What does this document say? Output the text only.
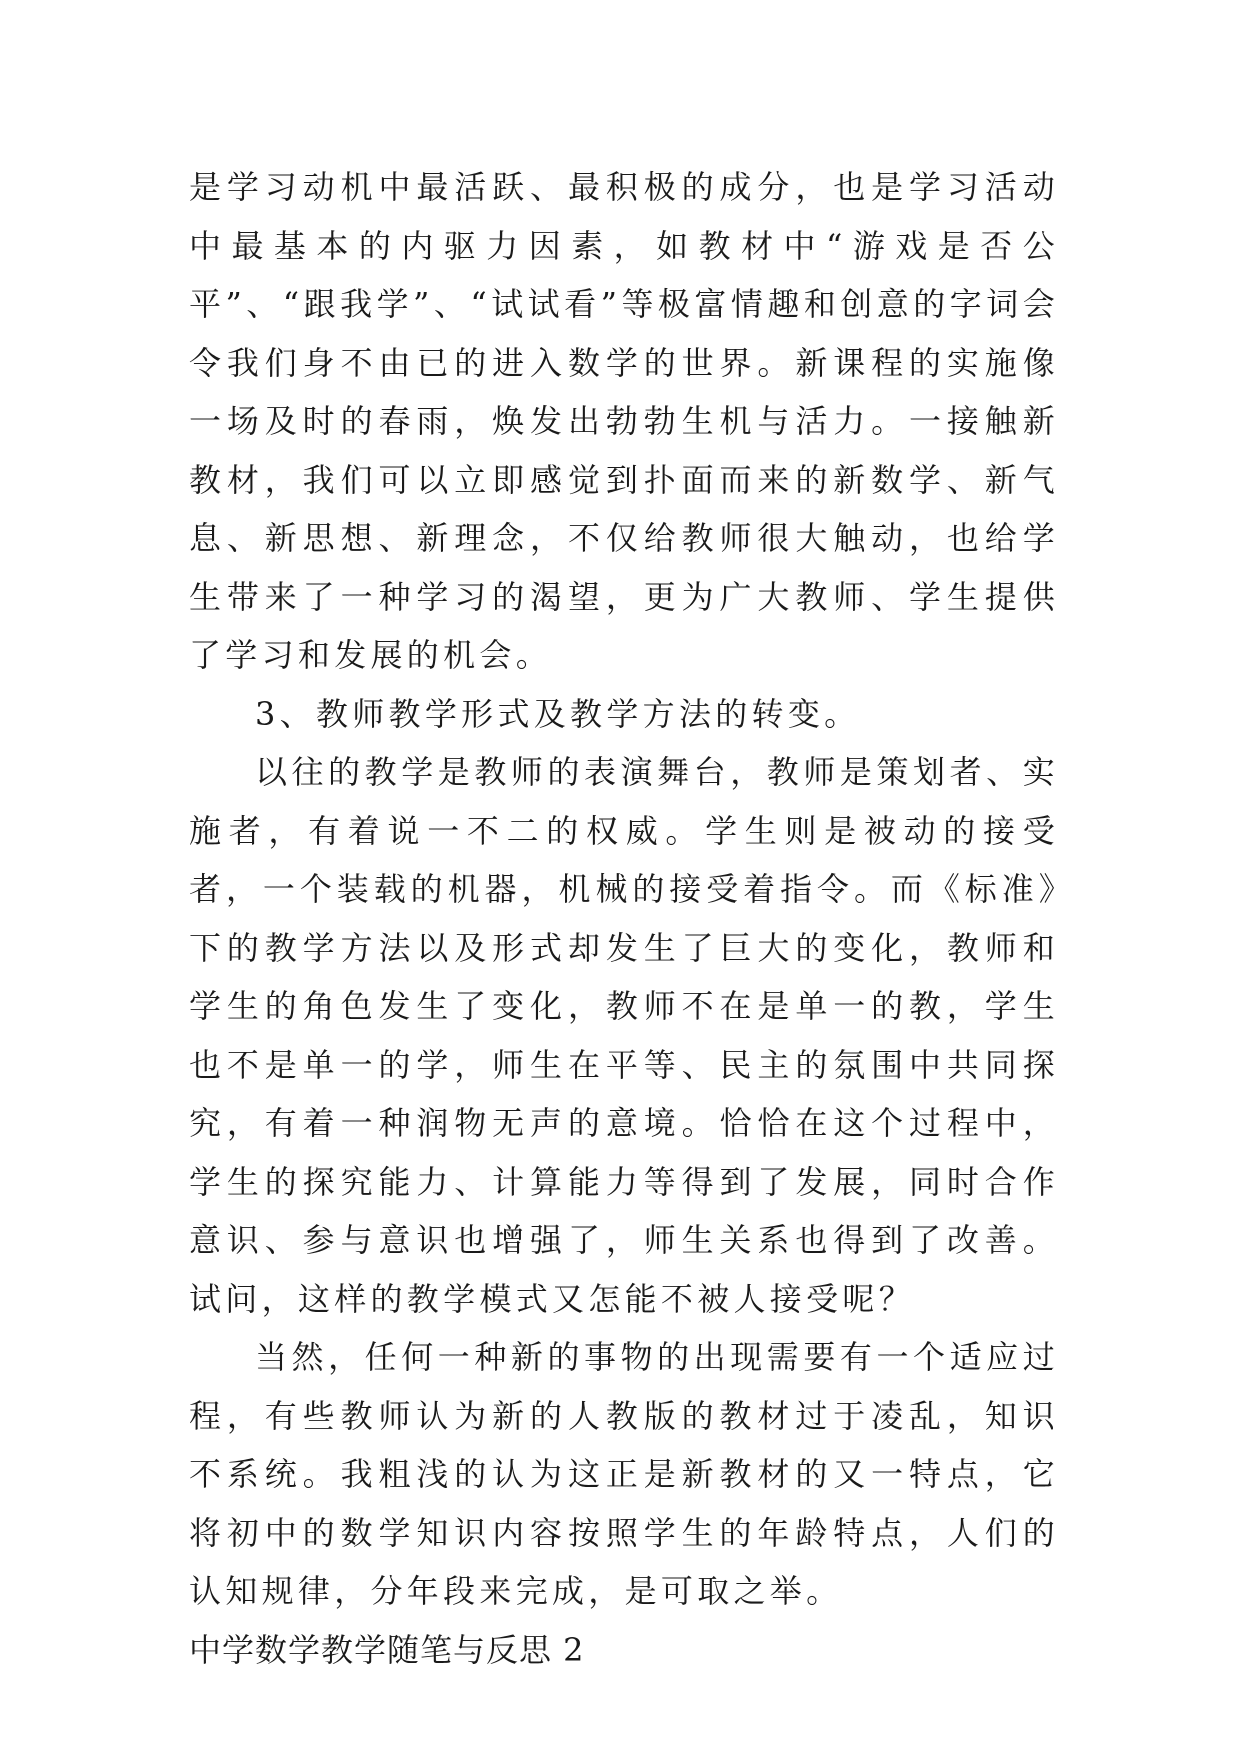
是学习动机中最活跃、最积极的成分，也是学习活动中最基本的内驱力因素，如教材中“游戏是否公平”、“跟我学”、“试试看”等极富情趣和创意的字词会令我们身不由已的进入数学的世界。新课程的实施像一场及时的春雨，焕发出勃勃生机与活力。一接触新教材，我们可以立即感觉到扑面而来的新数学、新气息、新思想、新理念，不仅给教师很大触动，也给学生带来了一种学习的渴望，更为广大教师、学生提供了学习和发展的机会。

3、教师教学形式及教学方法的转变。

以往的教学是教师的表演舞台，教师是策划者、实施者，有着说一不二的权威。学生则是被动的接受者，一个装载的机器，机械的接受着指令。而《标准》下的教学方法以及形式却发生了巨大的变化，教师和学生的角色发生了变化，教师不在是单一的教，学生也不是单一的学，师生在平等、民主的氛围中共同探究，有着一种润物无声的意境。恰恰在这个过程中，学生的探究能力、计算能力等得到了发展，同时合作意识、参与意识也增强了，师生关系也得到了改善。试问，这样的教学模式又怎能不被人接受呢？

当然，任何一种新的事物的出现需要有一个适应过程，有些教师认为新的人教版的教材过于凌乱，知识不系统。我粗浅的认为这正是新教材的又一特点，它将初中的数学知识内容按照学生的年龄特点，人们的认知规律，分年段来完成，是可取之举。

中学数学教学随笔与反思 2
